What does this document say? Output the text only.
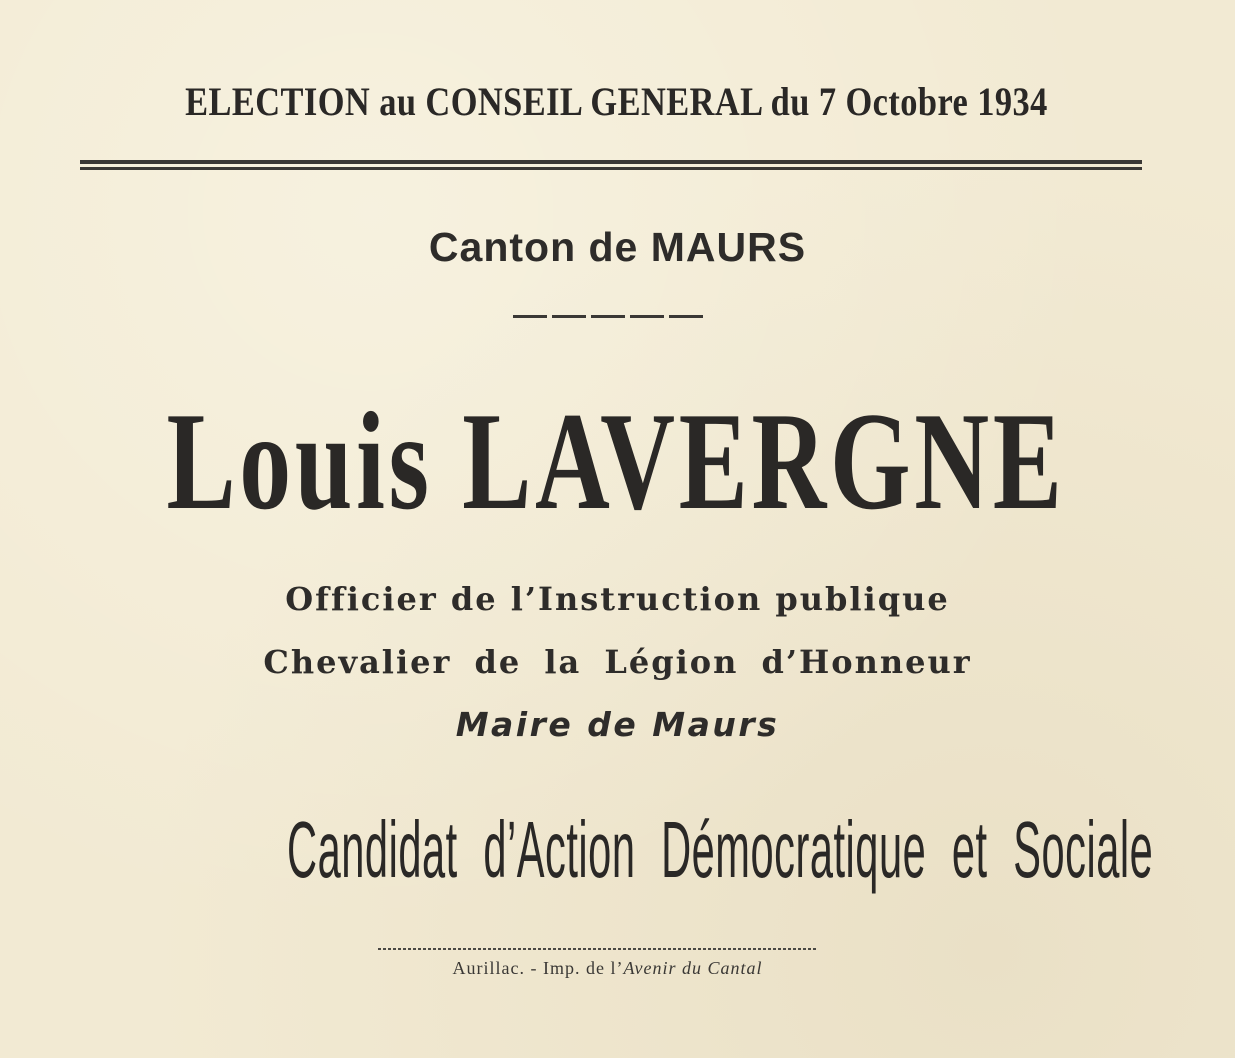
ELECTION au CONSEIL GENERAL du 7 Octobre 1934
Canton de MAURS
Louis LAVERGNE
Officier de l’Instruction publique
Chevalier de la Légion d’Honneur
Maire de Maurs
Candidat d’Action Démocratique et Sociale
Aurillac. - Imp. de l’Avenir du Cantal
